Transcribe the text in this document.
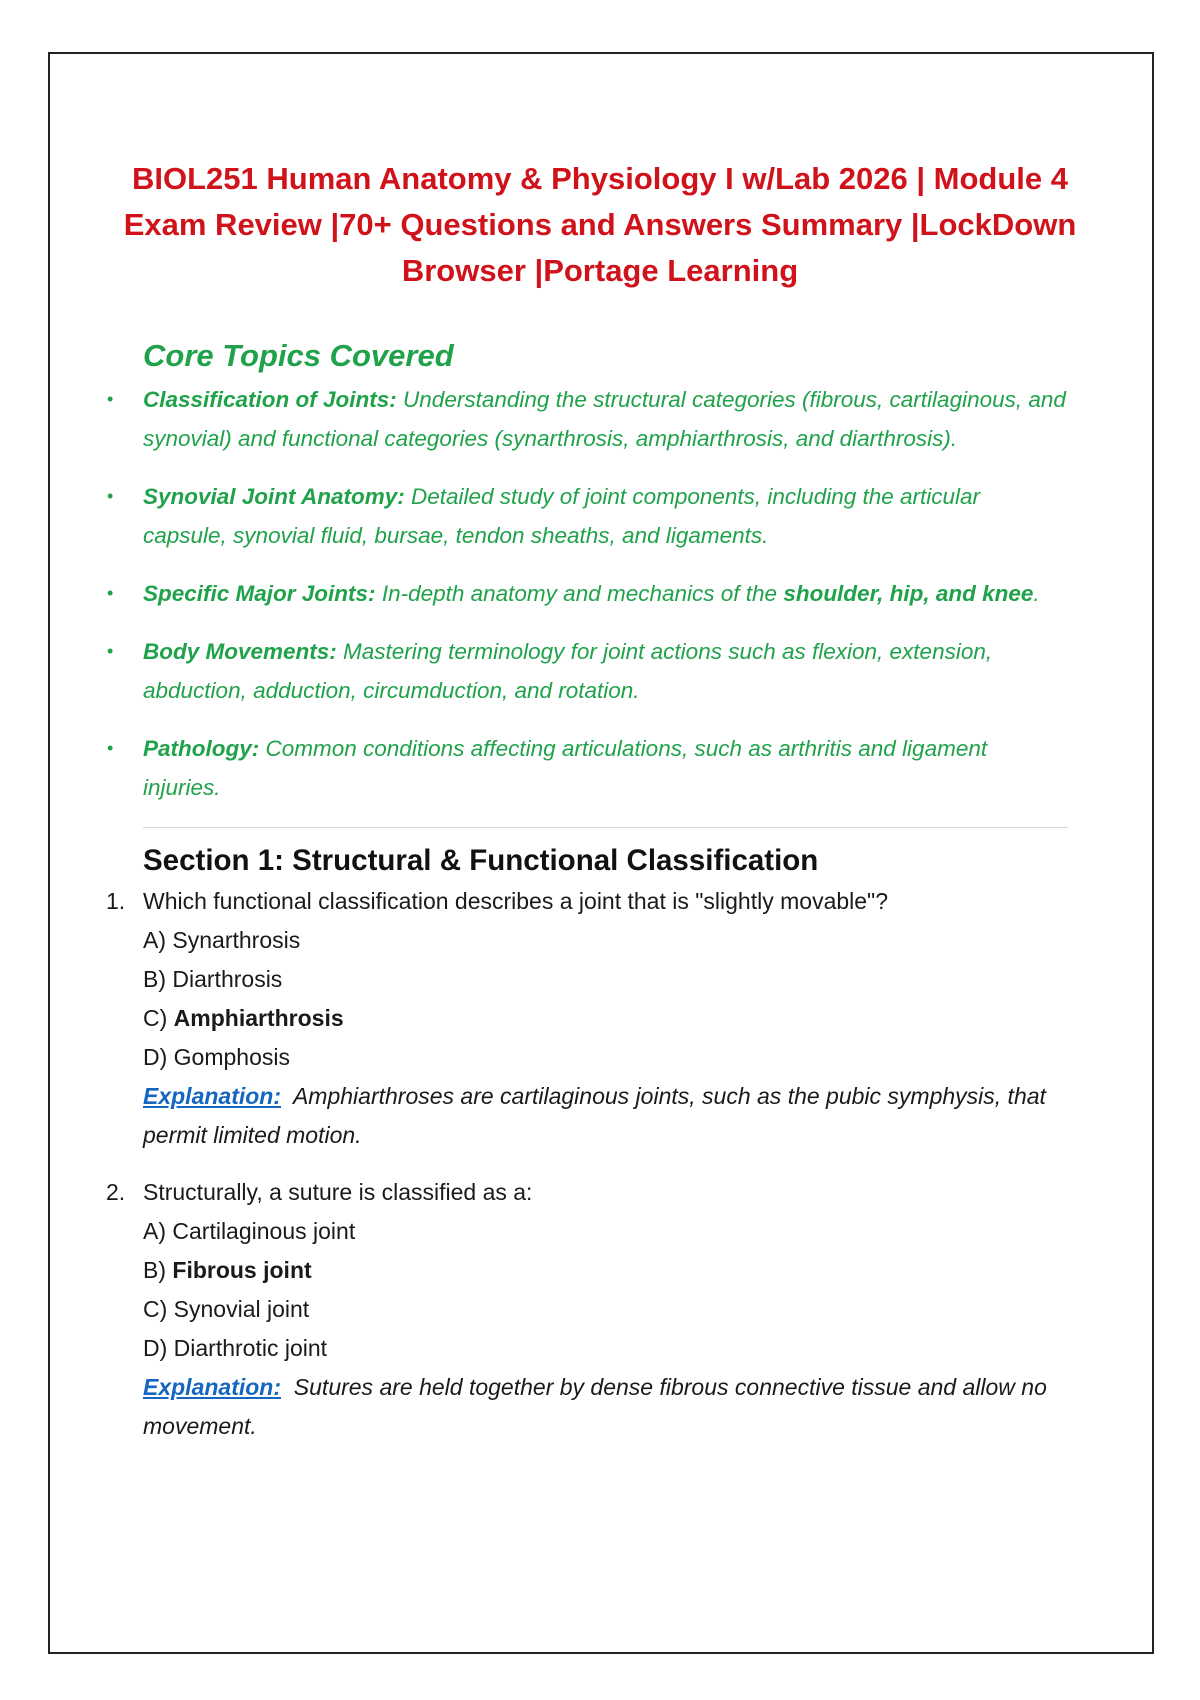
BIOL251 Human Anatomy & Physiology I w/Lab 2026 | Module 4
Exam Review |70+ Questions and Answers Summary |LockDown
Browser |Portage Learning
Core Topics Covered
• Classification of Joints: Understanding the structural categories (fibrous, cartilaginous, and synovial) and functional categories (synarthrosis, amphiarthrosis, and diarthrosis).
• Synovial Joint Anatomy: Detailed study of joint components, including the articular capsule, synovial fluid, bursae, tendon sheaths, and ligaments.
• Specific Major Joints: In-depth anatomy and mechanics of the shoulder, hip, and knee.
• Body Movements: Mastering terminology for joint actions such as flexion, extension, abduction, adduction, circumduction, and rotation.
• Pathology: Common conditions affecting articulations, such as arthritis and ligament injuries.
Section 1: Structural & Functional Classification
1. Which functional classification describes a joint that is "slightly movable"?
A) Synarthrosis
B) Diarthrosis
C) Amphiarthrosis
D) Gomphosis
Explanation: Amphiarthroses are cartilaginous joints, such as the pubic symphysis, that permit limited motion.
2. Structurally, a suture is classified as a:
A) Cartilaginous joint
B) Fibrous joint
C) Synovial joint
D) Diarthrotic joint
Explanation: Sutures are held together by dense fibrous connective tissue and allow no movement.
